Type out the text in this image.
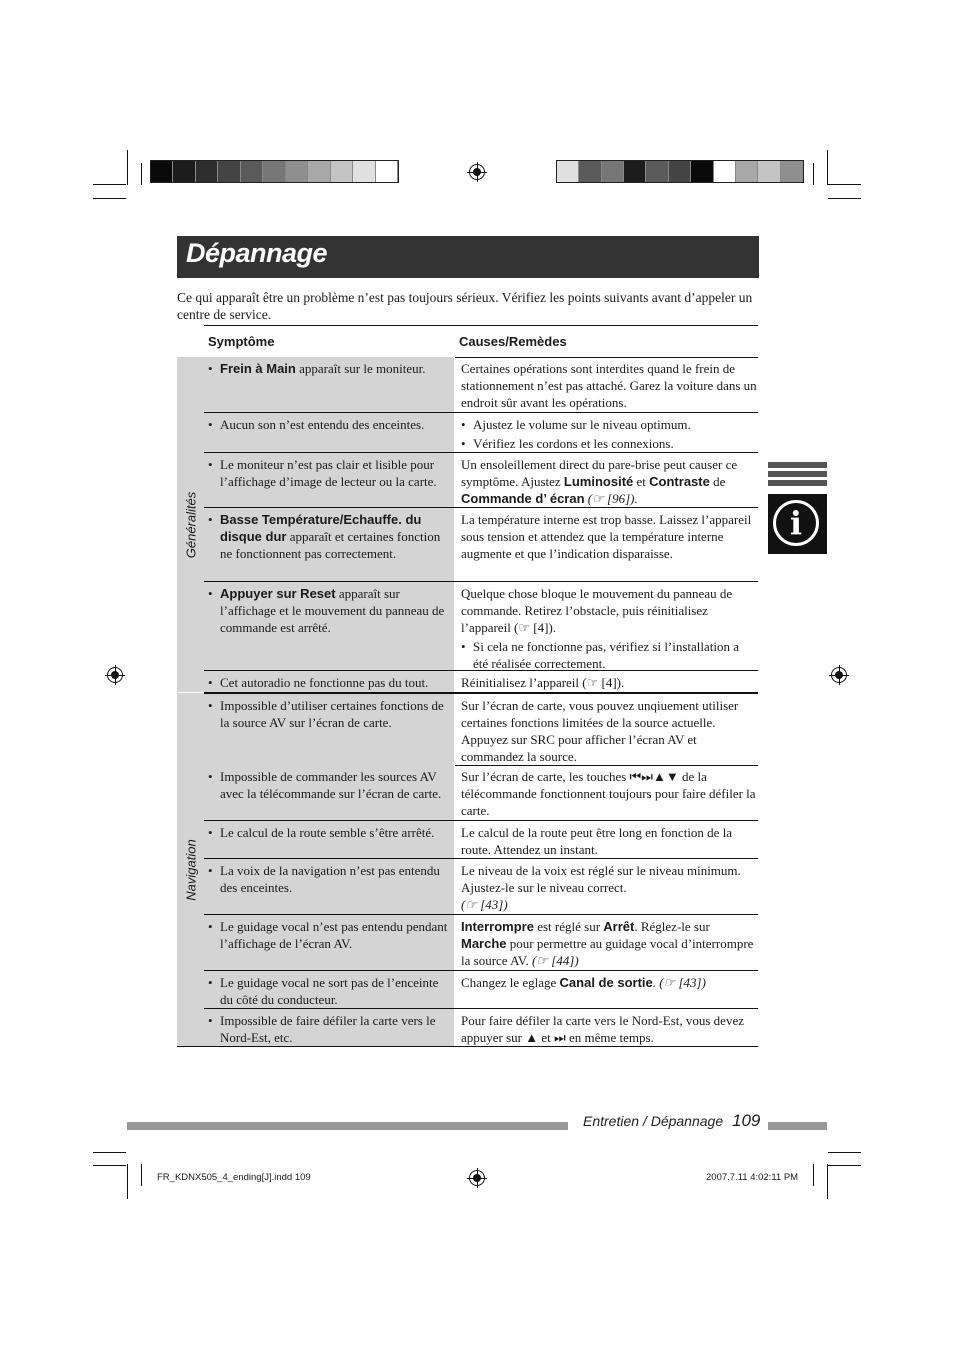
Dépannage
Ce qui apparaît être un problème n’est pas toujours sérieux. Vérifiez les points suivants avant d’appeler un centre de service.
i
Symptôme	Causes/Remèdes
Généralités
Navigation
• Frein à Main apparaît sur le moniteur.	Certaines opérations sont interdites quand le frein de stationnement n’est pas attaché. Garez la voiture dans un endroit sûr avant les opérations.
• Aucun son n’est entendu des enceintes.
•	Ajustez le volume sur le niveau optimum.
• Vérifiez les cordons et les connexions.
• Le moniteur n’est pas clair et lisible pour l’affichage d’image de lecteur ou la carte.
Un ensoleillement direct du pare-brise peut causer ce symptôme. Ajustez Luminosité et Contraste de Commande d’ écran (☞ [96]).
• Basse Température/Echauffe. du disque dur apparaît et certaines fonction ne fonctionnent pas correctement.
La température interne est trop basse. Laissez l’appareil sous tension et attendez que la température interne augmente et que l’indication disparaisse.
• Appuyer sur Reset apparaît sur l’affichage et le mouvement du panneau de commande est arrêté.
Quelque chose bloque le mouvement du panneau de commande. Retirez l’obstacle, puis réinitialisez l’appareil (☞ [4]).
• Si cela ne fonctionne pas, vérifiez si l’installation a été réalisée correctement.
• Cet autoradio ne fonctionne pas du tout.	Réinitialisez l’appareil (☞ [4]).
• Impossible d’utiliser certaines fonctions de la source AV sur l’écran de carte.
Sur l’écran de carte, vous pouvez unqiuement utiliser certaines fonctions limitées de la source actuelle. Appuyez sur SRC pour afficher l’écran AV et commandez la source.
• Impossible de commander les sources AV avec la télécommande sur l’écran de carte.
Sur l’écran de carte, les touches ⏮⏭▲▼ de la télécommande fonctionnent toujours pour faire défiler la carte.
• Le calcul de la route semble s’être arrêté.	Le calcul de la route peut être long en fonction de la route. Attendez un instant.
• La voix de la navigation n’est pas entendu des enceintes.
Le niveau de la voix est réglé sur le niveau minimum. Ajustez-le sur le niveau correct.
(☞ [43])
• Le guidage vocal n’est pas entendu pendant l’affichage de l’écran AV.
Interrompre est réglé sur Arrêt. Réglez-le sur Marche pour permettre au guidage vocal d’interrompre la source AV. (☞ [44])
• Le guidage vocal ne sort pas de l’enceinte du côté du conducteur.
Changez le eglage Canal de sortie. (☞ [43])
• Impossible de faire défiler la carte vers le Nord-Est, etc.
Pour faire défiler la carte vers le Nord-Est, vous devez appuyer sur ▲ et ⏭ en même temps.
Entretien / Dépannage 109
FR_KDNX505_4_ending[J].indd 109	2007.7.11 4:02:11 PM
